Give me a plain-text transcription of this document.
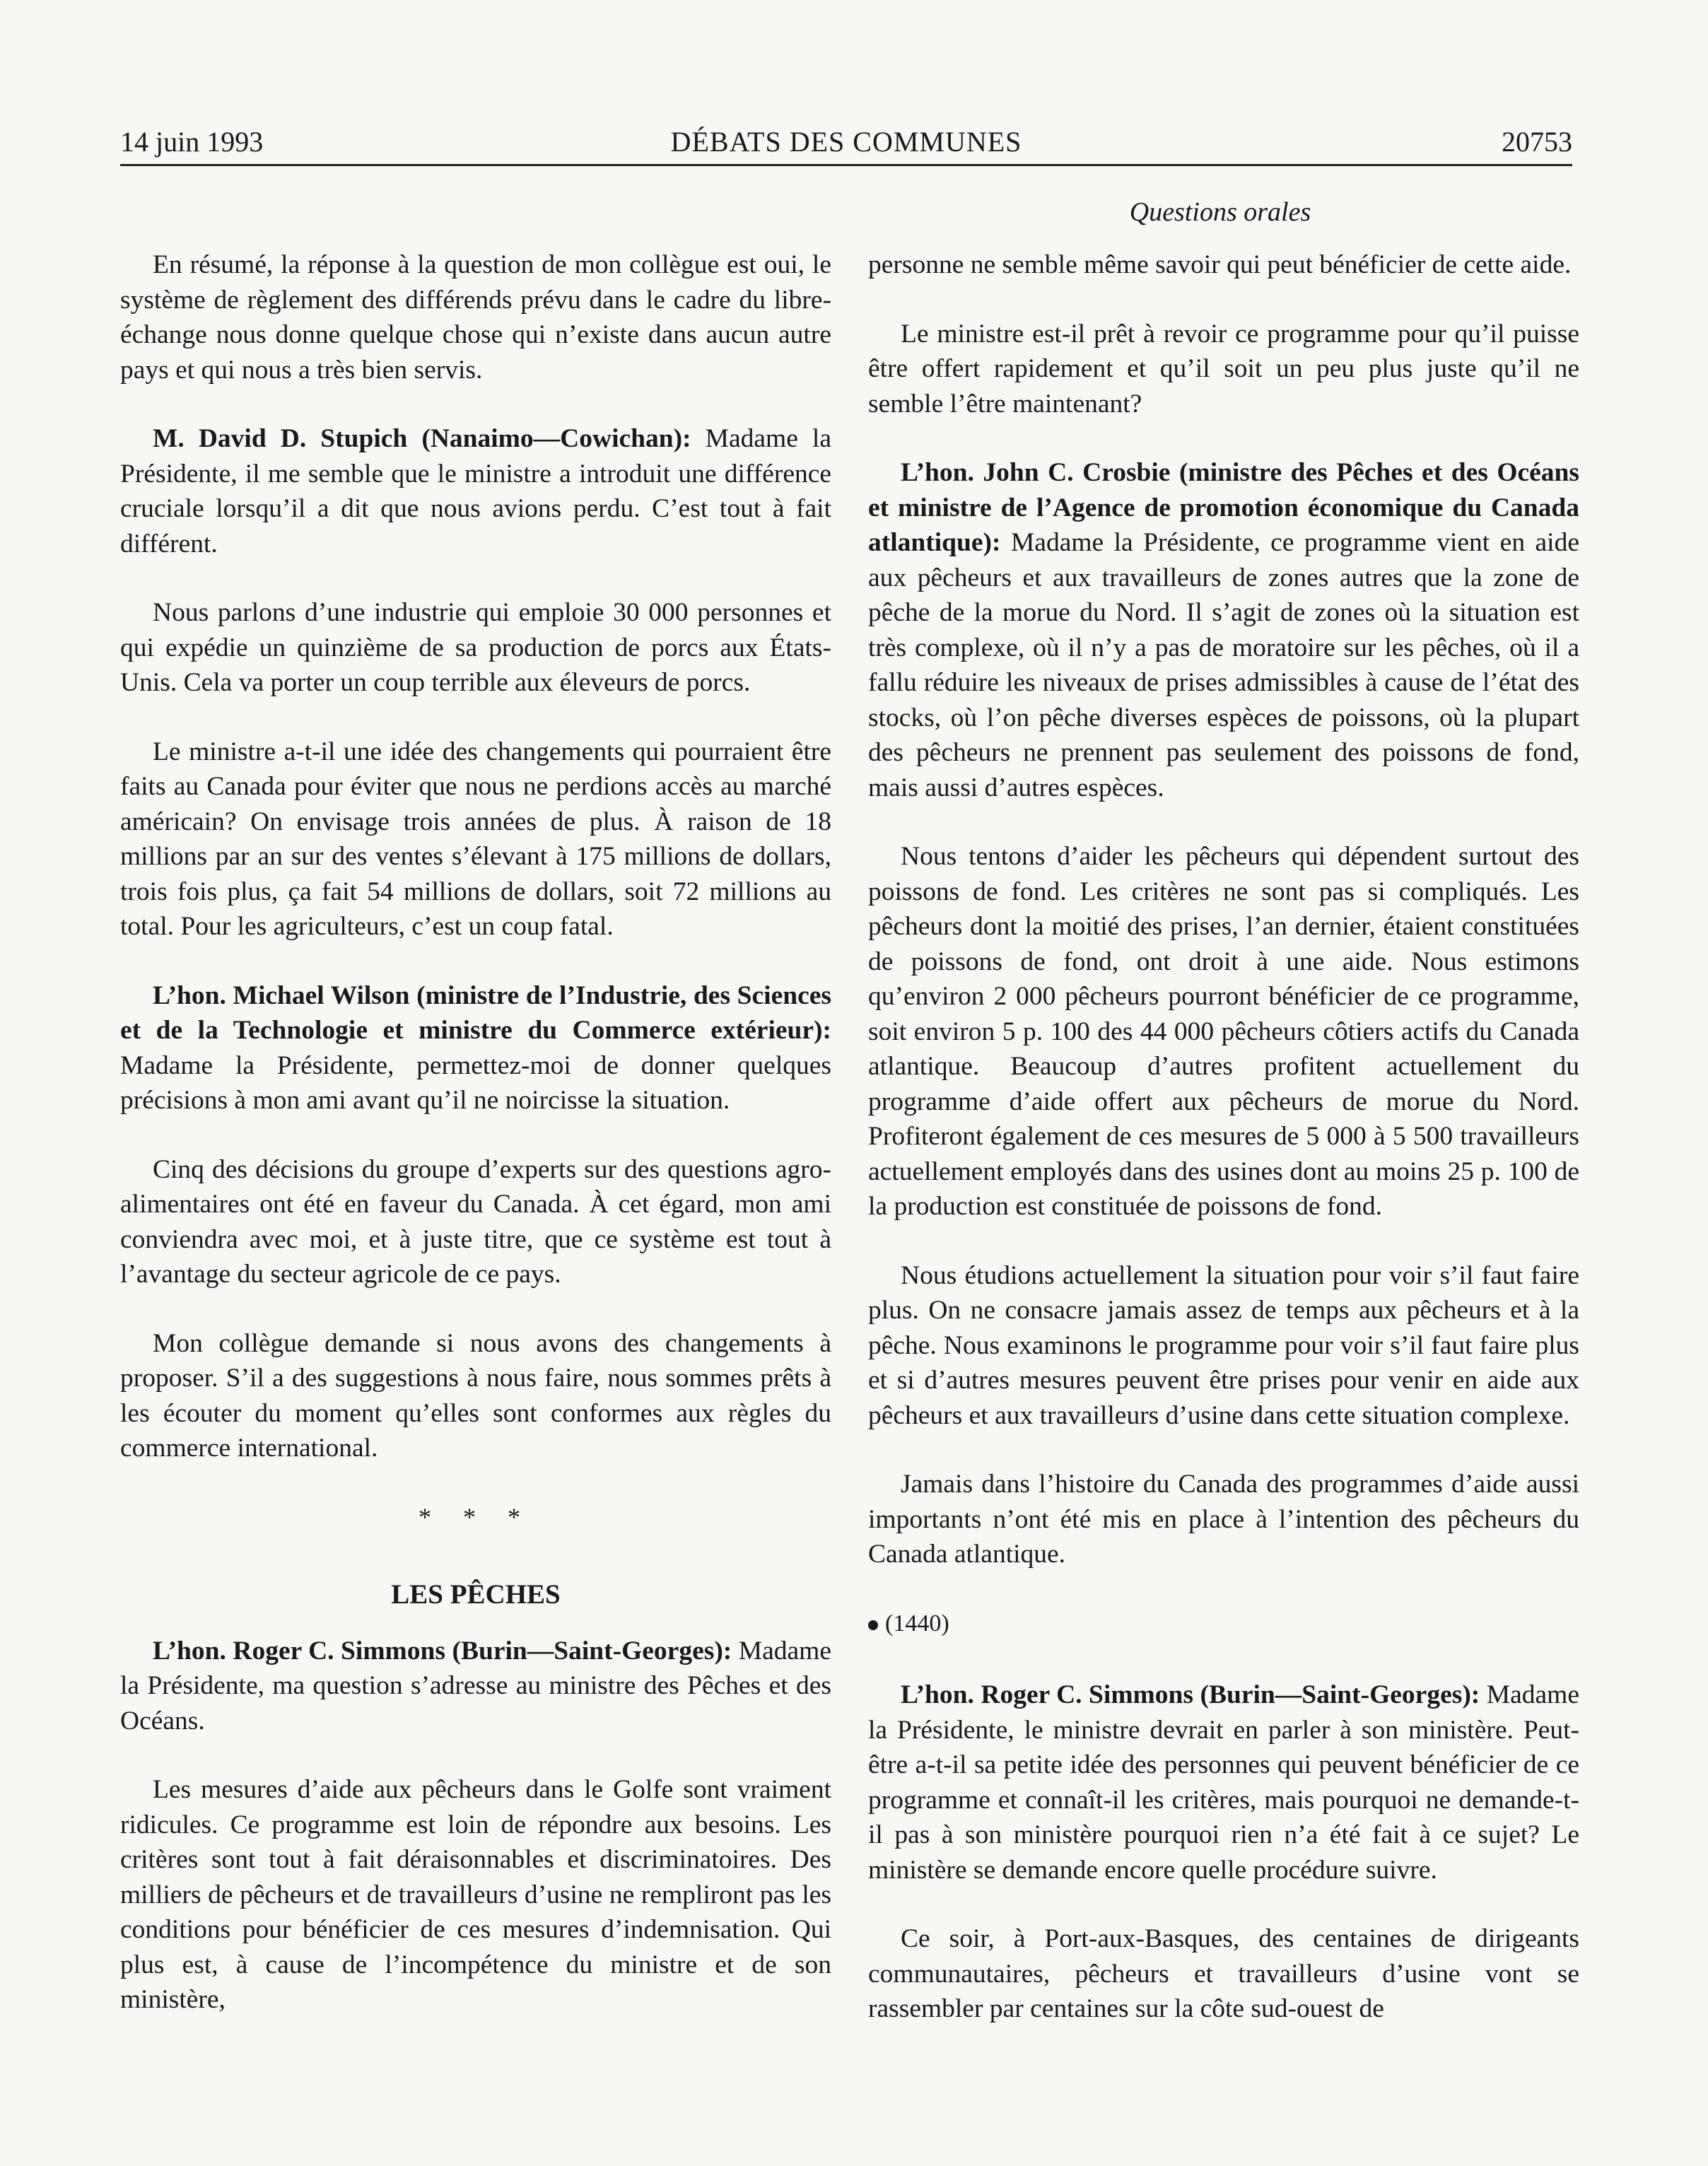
14 juin 1993	DÉBATS DES COMMUNES	20753
Questions orales

En résumé, la réponse à la question de mon collègue est oui, le système de règlement des différends prévu dans le cadre du libre-échange nous donne quelque chose qui n’existe dans aucun autre pays et qui nous a très bien servis.

M. David D. Stupich (Nanaimo—Cowichan): Madame la Présidente, il me semble que le ministre a introduit une différence cruciale lorsqu’il a dit que nous avions perdu. C’est tout à fait différent.

Nous parlons d’une industrie qui emploie 30 000 personnes et qui expédie un quinzième de sa production de porcs aux États-Unis. Cela va porter un coup terrible aux éleveurs de porcs.

Le ministre a-t-il une idée des changements qui pourraient être faits au Canada pour éviter que nous ne perdions accès au marché américain? On envisage trois années de plus. À raison de 18 millions par an sur des ventes s’élevant à 175 millions de dollars, trois fois plus, ça fait 54 millions de dollars, soit 72 millions au total. Pour les agriculteurs, c’est un coup fatal.

L’hon. Michael Wilson (ministre de l’Industrie, des Sciences et de la Technologie et ministre du Commerce extérieur): Madame la Présidente, permettez-moi de donner quelques précisions à mon ami avant qu’il ne noircisse la situation.

Cinq des décisions du groupe d’experts sur des questions agro-alimentaires ont été en faveur du Canada. À cet égard, mon ami conviendra avec moi, et à juste titre, que ce système est tout à l’avantage du secteur agricole de ce pays.

Mon collègue demande si nous avons des changements à proposer. S’il a des suggestions à nous faire, nous sommes prêts à les écouter du moment qu’elles sont conformes aux règles du commerce international.

* * *
LES PÊCHES

L’hon. Roger C. Simmons (Burin—Saint-Georges): Madame la Présidente, ma question s’adresse au ministre des Pêches et des Océans.

Les mesures d’aide aux pêcheurs dans le Golfe sont vraiment ridicules. Ce programme est loin de répondre aux besoins. Les critères sont tout à fait déraisonnables et discriminatoires. Des milliers de pêcheurs et de travailleurs d’usine ne rempliront pas les conditions pour bénéficier de ces mesures d’indemnisation. Qui plus est, à cause de l’incompétence du ministre et de son ministère,

personne ne semble même savoir qui peut bénéficier de cette aide.

Le ministre est-il prêt à revoir ce programme pour qu’il puisse être offert rapidement et qu’il soit un peu plus juste qu’il ne semble l’être maintenant?

L’hon. John C. Crosbie (ministre des Pêches et des Océans et ministre de l’Agence de promotion économique du Canada atlantique): Madame la Présidente, ce programme vient en aide aux pêcheurs et aux travailleurs de zones autres que la zone de pêche de la morue du Nord. Il s’agit de zones où la situation est très complexe, où il n’y a pas de moratoire sur les pêches, où il a fallu réduire les niveaux de prises admissibles à cause de l’état des stocks, où l’on pêche diverses espèces de poissons, où la plupart des pêcheurs ne prennent pas seulement des poissons de fond, mais aussi d’autres espèces.

Nous tentons d’aider les pêcheurs qui dépendent surtout des poissons de fond. Les critères ne sont pas si compliqués. Les pêcheurs dont la moitié des prises, l’an dernier, étaient constituées de poissons de fond, ont droit à une aide. Nous estimons qu’environ 2 000 pêcheurs pourront bénéficier de ce programme, soit environ 5 p. 100 des 44 000 pêcheurs côtiers actifs du Canada atlantique. Beaucoup d’autres profitent actuellement du programme d’aide offert aux pêcheurs de morue du Nord. Profiteront également de ces mesures de 5 000 à 5 500 travailleurs actuellement employés dans des usines dont au moins 25 p. 100 de la production est constituée de poissons de fond.

Nous étudions actuellement la situation pour voir s’il faut faire plus. On ne consacre jamais assez de temps aux pêcheurs et à la pêche. Nous examinons le programme pour voir s’il faut faire plus et si d’autres mesures peuvent être prises pour venir en aide aux pêcheurs et aux travailleurs d’usine dans cette situation complexe.

Jamais dans l’histoire du Canada des programmes d’aide aussi importants n’ont été mis en place à l’intention des pêcheurs du Canada atlantique.

(1440)

L’hon. Roger C. Simmons (Burin—Saint-Georges): Madame la Présidente, le ministre devrait en parler à son ministère. Peut-être a-t-il sa petite idée des personnes qui peuvent bénéficier de ce programme et connaît-il les critères, mais pourquoi ne demande-t-il pas à son ministère pourquoi rien n’a été fait à ce sujet? Le ministère se demande encore quelle procédure suivre.

Ce soir, à Port-aux-Basques, des centaines de dirigeants communautaires, pêcheurs et travailleurs d’usine vont se rassembler par centaines sur la côte sud-ouest de
